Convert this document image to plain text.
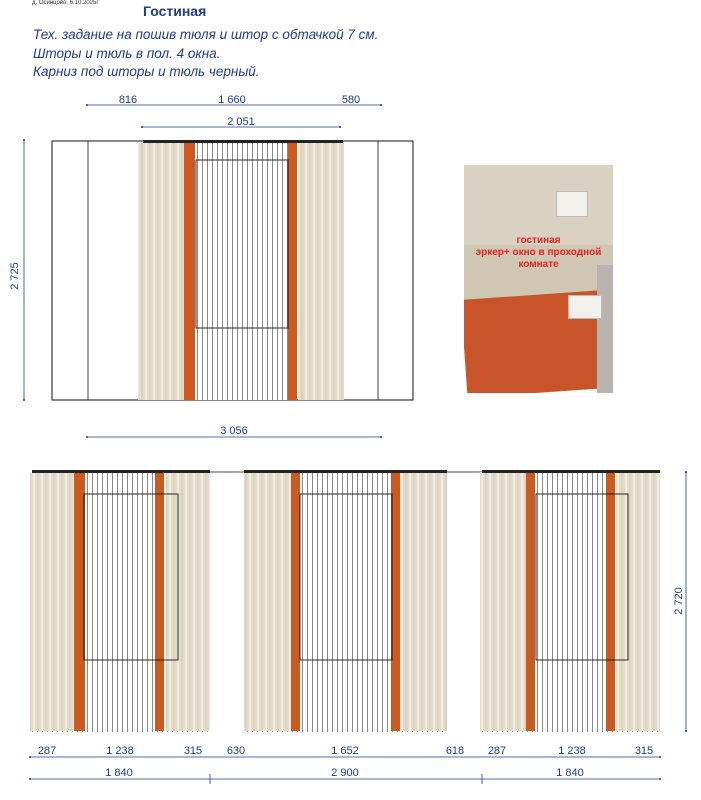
д. Осинцово, 6.10.2025г	Гостиная
Тех. задание на пошив тюля и штор с обтачкой 7 см.
Шторы и тюль в пол. 4 окна.
Карниз под шторы и тюль черный.
816	1 660	580
2 051
2 725
3 056
2 720
287	1 238	315 630	1 652	618 287	1 238	315
1 840	2 900	1 840
гостиная
эркер+ окно в проходной
комнате
